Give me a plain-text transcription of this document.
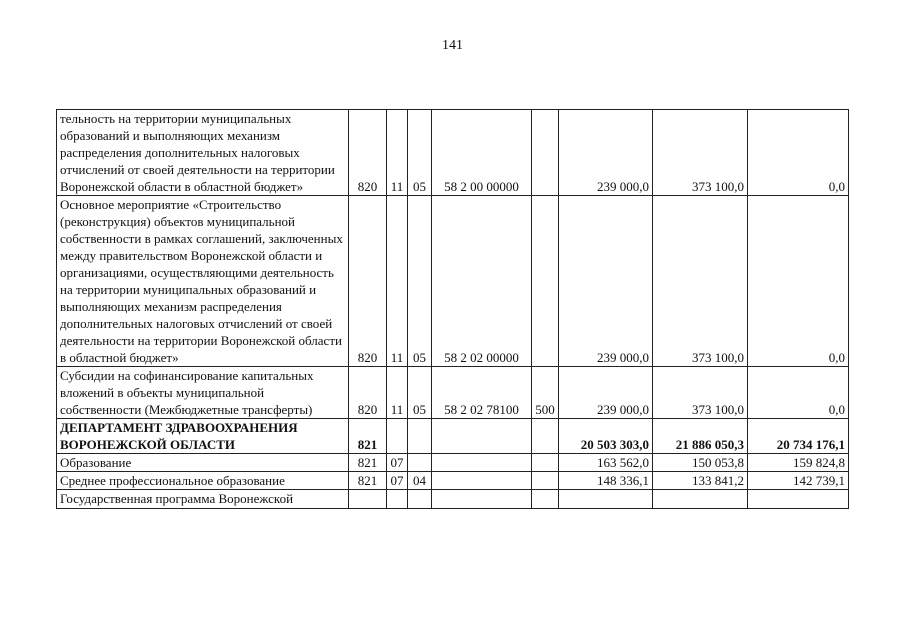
141
тельность на территории муниципальных образований и выполняющих механизм распределения дополнительных налоговых отчислений от своей деятельности на территории Воронежской области в областной бюджет»	820	11	05	58 2 00 00000		239 000,0	373 100,0	0,0
Основное мероприятие «Строительство (реконструкция) объектов муниципальной собственности в рамках соглашений, заключенных между правительством Воронежской области и организациями, осуществляющими деятельность на территории муниципальных образований и выполняющих механизм распределения дополнительных налоговых отчислений от своей деятельности на территории Воронежской области в областной бюджет»	820	11	05	58 2 02 00000		239 000,0	373 100,0	0,0
Субсидии на софинансирование капитальных вложений в объекты муниципальной собственности (Межбюджетные трансферты)	820	11	05	58 2 02 78100	500	239 000,0	373 100,0	0,0
ДЕПАРТАМЕНТ ЗДРАВООХРАНЕНИЯ ВОРОНЕЖСКОЙ ОБЛАСТИ	821					20 503 303,0	21 886 050,3	20 734 176,1
Образование	821	07				163 562,0	150 053,8	159 824,8
Среднее профессиональное образование	821	07	04			148 336,1	133 841,2	142 739,1
Государственная программа Воронежской								
